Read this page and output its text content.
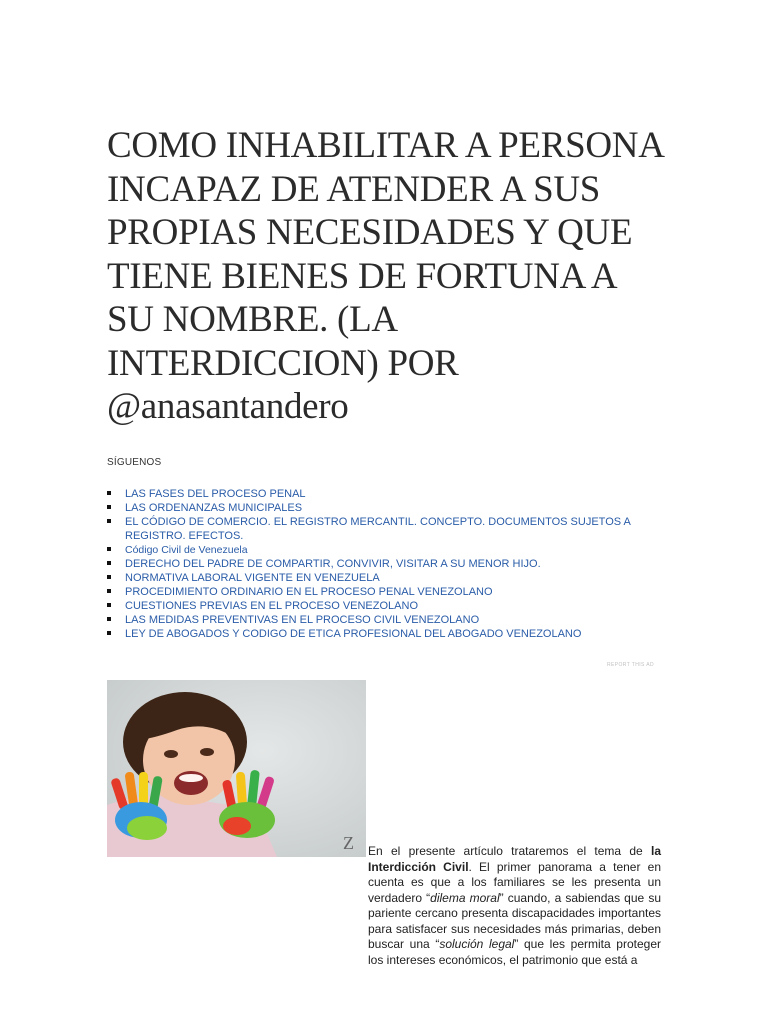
COMO INHABILITAR A PERSONA INCAPAZ DE ATENDER A SUS PROPIAS NECESIDADES Y QUE TIENE BIENES DE FORTUNA A SU NOMBRE. (LA INTERDICCION) POR @anasantandero
SÍGUENOS
LAS FASES DEL PROCESO PENAL
LAS ORDENANZAS MUNICIPALES
EL CÓDIGO DE COMERCIO. EL REGISTRO MERCANTIL. CONCEPTO. DOCUMENTOS SUJETOS A REGISTRO. EFECTOS.
Código Civil de Venezuela
DERECHO DEL PADRE DE COMPARTIR, CONVIVIR, VISITAR A SU MENOR HIJO.
NORMATIVA LABORAL VIGENTE EN VENEZUELA
PROCEDIMIENTO ORDINARIO EN EL PROCESO PENAL VENEZOLANO
CUESTIONES PREVIAS EN EL PROCESO VENEZOLANO
LAS MEDIDAS PREVENTIVAS EN EL PROCESO CIVIL VENEZOLANO
LEY DE ABOGADOS Y CODIGO DE ETICA PROFESIONAL DEL ABOGADO VENEZOLANO
REPORT THIS AD
Z	En el presente artículo trataremos el tema de la Interdicción Civil. El primer panorama a tener en cuenta es que a los familiares se les presenta un verdadero “dilema moral” cuando, a sabiendas que su pariente cercano presenta discapacidades importantes para satisfacer sus necesidades más primarias, deben buscar una “solución legal” que les permita proteger los intereses económicos, el patrimonio que está a
